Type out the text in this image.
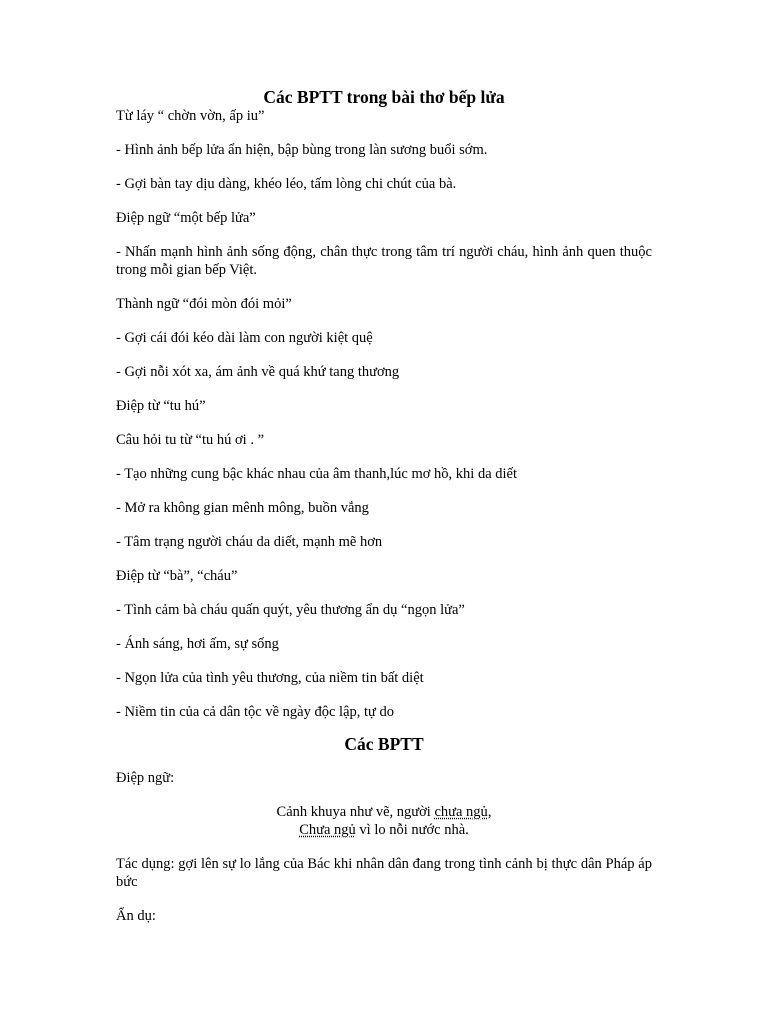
Các BPTT trong bài thơ bếp lửa
Từ láy “ chờn vờn, ấp iu”
- Hình ảnh bếp lửa ẩn hiện, bập bùng trong làn sương buổi sớm.
- Gợi bàn tay dịu dàng, khéo léo, tấm lòng chi chút của bà.
Điệp ngữ “một bếp lửa”
- Nhấn mạnh hình ảnh sống động, chân thực trong tâm trí người cháu, hình ảnh quen thuộc trong mỗi gian bếp Việt.
Thành ngữ “đói mòn đói mỏi”
- Gợi cái đói kéo dài làm con người kiệt quệ
- Gợi nỗi xót xa, ám ảnh về quá khứ tang thương
Điệp từ “tu hú”
Câu hỏi tu từ “tu hú ơi . ”
- Tạo những cung bậc khác nhau của âm thanh,lúc mơ hồ, khi da diết
- Mở ra không gian mênh mông, buồn vắng
- Tâm trạng người cháu da diết, mạnh mẽ hơn
Điệp từ “bà”, “cháu”
- Tình cảm bà cháu quấn quýt, yêu thương ẩn dụ “ngọn lửa”
- Ánh sáng, hơi ấm, sự sống
- Ngọn lửa của tình yêu thương, của niềm tin bất diệt
- Niềm tin của cả dân tộc về ngày độc lập, tự do
Các BPTT
Điệp ngữ:
Cảnh khuya như vẽ, người chưa ngủ,
Chưa ngủ vì lo nỗi nước nhà.
Tác dụng: gợi lên sự lo lắng của Bác khi nhân dân đang trong tình cảnh bị thực dân Pháp áp bức
Ẩn dụ:
